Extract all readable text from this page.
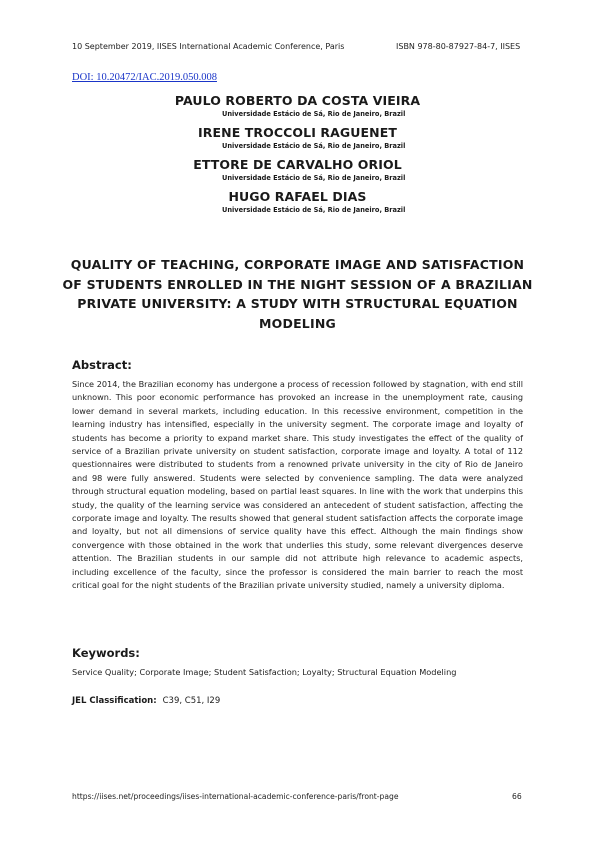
10 September 2019, IISES International Academic Conference, Paris	ISBN 978-80-87927-84-7, IISES
DOI: 10.20472/IAC.2019.050.008
PAULO ROBERTO DA COSTA VIEIRA
Universidade Estácio de Sá, Rio de Janeiro, Brazil
IRENE TROCCOLI RAGUENET
Universidade Estácio de Sá, Rio de Janeiro, Brazil
ETTORE DE CARVALHO ORIOL
Universidade Estácio de Sá, Rio de Janeiro, Brazil
HUGO RAFAEL DIAS
Universidade Estácio de Sá, Rio de Janeiro, Brazil
QUALITY OF TEACHING, CORPORATE IMAGE AND SATISFACTION OF STUDENTS ENROLLED IN THE NIGHT SESSION OF A BRAZILIAN PRIVATE UNIVERSITY: A STUDY WITH STRUCTURAL EQUATION MODELING
Abstract:
Since 2014, the Brazilian economy has undergone a process of recession followed by stagnation, with end still unknown. This poor economic performance has provoked an increase in the unemployment rate, causing lower demand in several markets, including education. In this recessive environment, competition in the learning industry has intensified, especially in the university segment. The corporate image and loyalty of students has become a priority to expand market share. This study investigates the effect of the quality of service of a Brazilian private university on student satisfaction, corporate image and loyalty. A total of 112 questionnaires were distributed to students from a renowned private university in the city of Rio de Janeiro and 98 were fully answered. Students were selected by convenience sampling. The data were analyzed through structural equation modeling, based on partial least squares. In line with the work that underpins this study, the quality of the learning service was considered an antecedent of student satisfaction, affecting the corporate image and loyalty. The results showed that general student satisfaction affects the corporate image and loyalty, but not all dimensions of service quality have this effect. Although the main findings show convergence with those obtained in the work that underlies this study, some relevant divergences deserve attention. The Brazilian students in our sample did not attribute high relevance to academic aspects, including excellence of the faculty, since the professor is considered the main barrier to reach the most critical goal for the night students of the Brazilian private university studied, namely a university diploma.
Keywords:
Service Quality; Corporate Image; Student Satisfaction; Loyalty; Structural Equation Modeling
JEL Classification: C39, C51, I29
https://iises.net/proceedings/iises-international-academic-conference-paris/front-page	66
